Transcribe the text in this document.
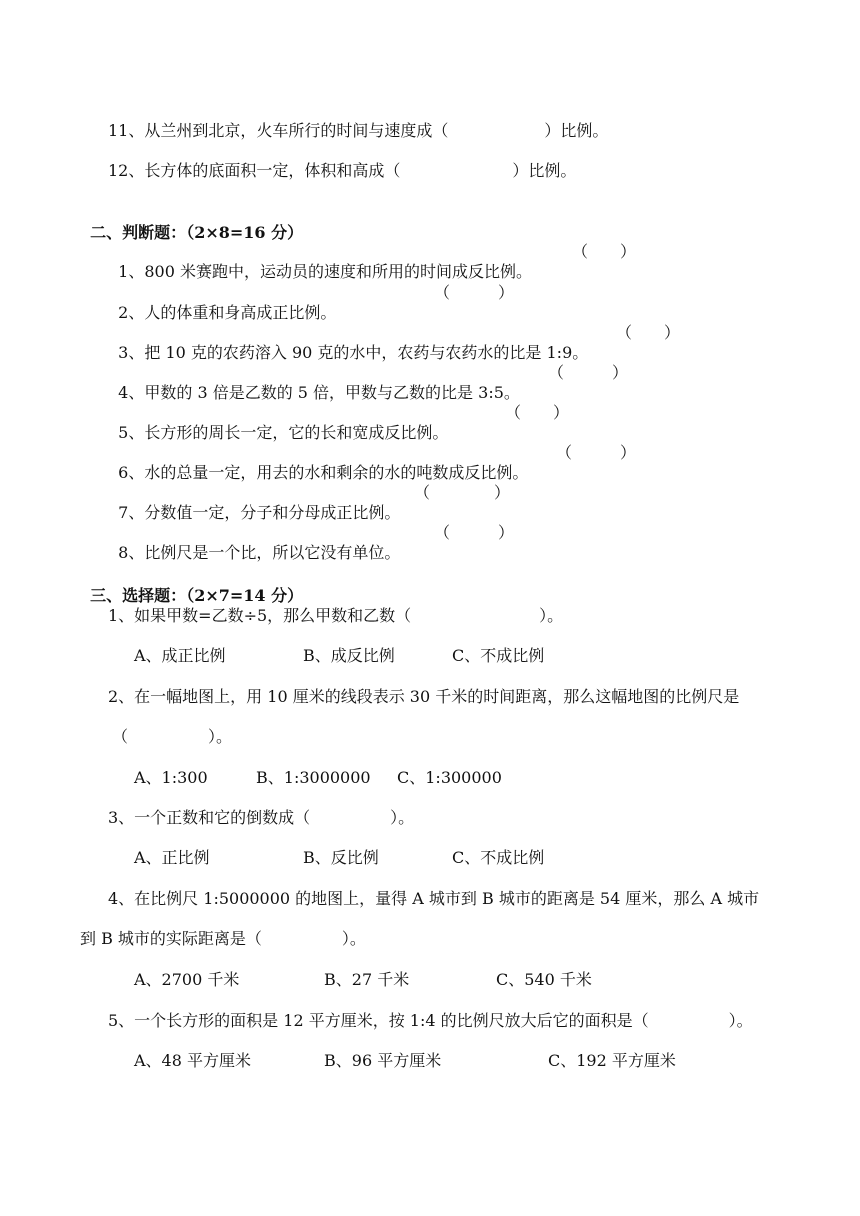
11、从兰州到北京，火车所行的时间与速度成（　　　　　　）比例。
12、长方体的底面积一定，体积和高成（　　　　　　　）比例。

二、判断题：（2×8=16 分）

1、800 米赛跑中，运动员的速度和所用的时间成反比例。

（　　）

2、人的体重和身高成正比例。

（　　　）

3、把 10 克的农药溶入 90 克的水中，农药与农药水的比是 1:9。

（　　）

4、甲数的 3 倍是乙数的 5 倍，甲数与乙数的比是 3:5。

（　　　）

5、长方形的周长一定，它的长和宽成反比例。

（　　）

6、水的总量一定，用去的水和剩余的水的吨数成反比例。

（　　　）

7、分数值一定，分子和分母成正比例。

（　　　　）

8、比例尺是一个比，所以它没有单位。

（　　　）

三、选择题：（2×7=14 分）

1、如果甲数=乙数÷5，那么甲数和乙数（　　　　　　　　）。
A、成正比例	B、成反比例	C、不成比例
2、在一幅地图上，用 10 厘米的线段表示 30 千米的时间距离，那么这幅地图的比例尺是
（　　　　　）。
A、1:300	B、1:3000000 C、1:300000
3、一个正数和它的倒数成（　　　　　）。
A、正比例	B、反比例	C、不成比例
4、在比例尺 1:5000000 的地图上，量得 A 城市到 B 城市的距离是 54 厘米，那么 A 城市
到 B 城市的实际距离是（　　　　　）。
A、2700 千米	B、27 千米	C、540 千米
5、一个长方形的面积是 12 平方厘米，按 1:4 的比例尺放大后它的面积是（　　　　　）。
A、48 平方厘米	B、96 平方厘米	C、192 平方厘米
